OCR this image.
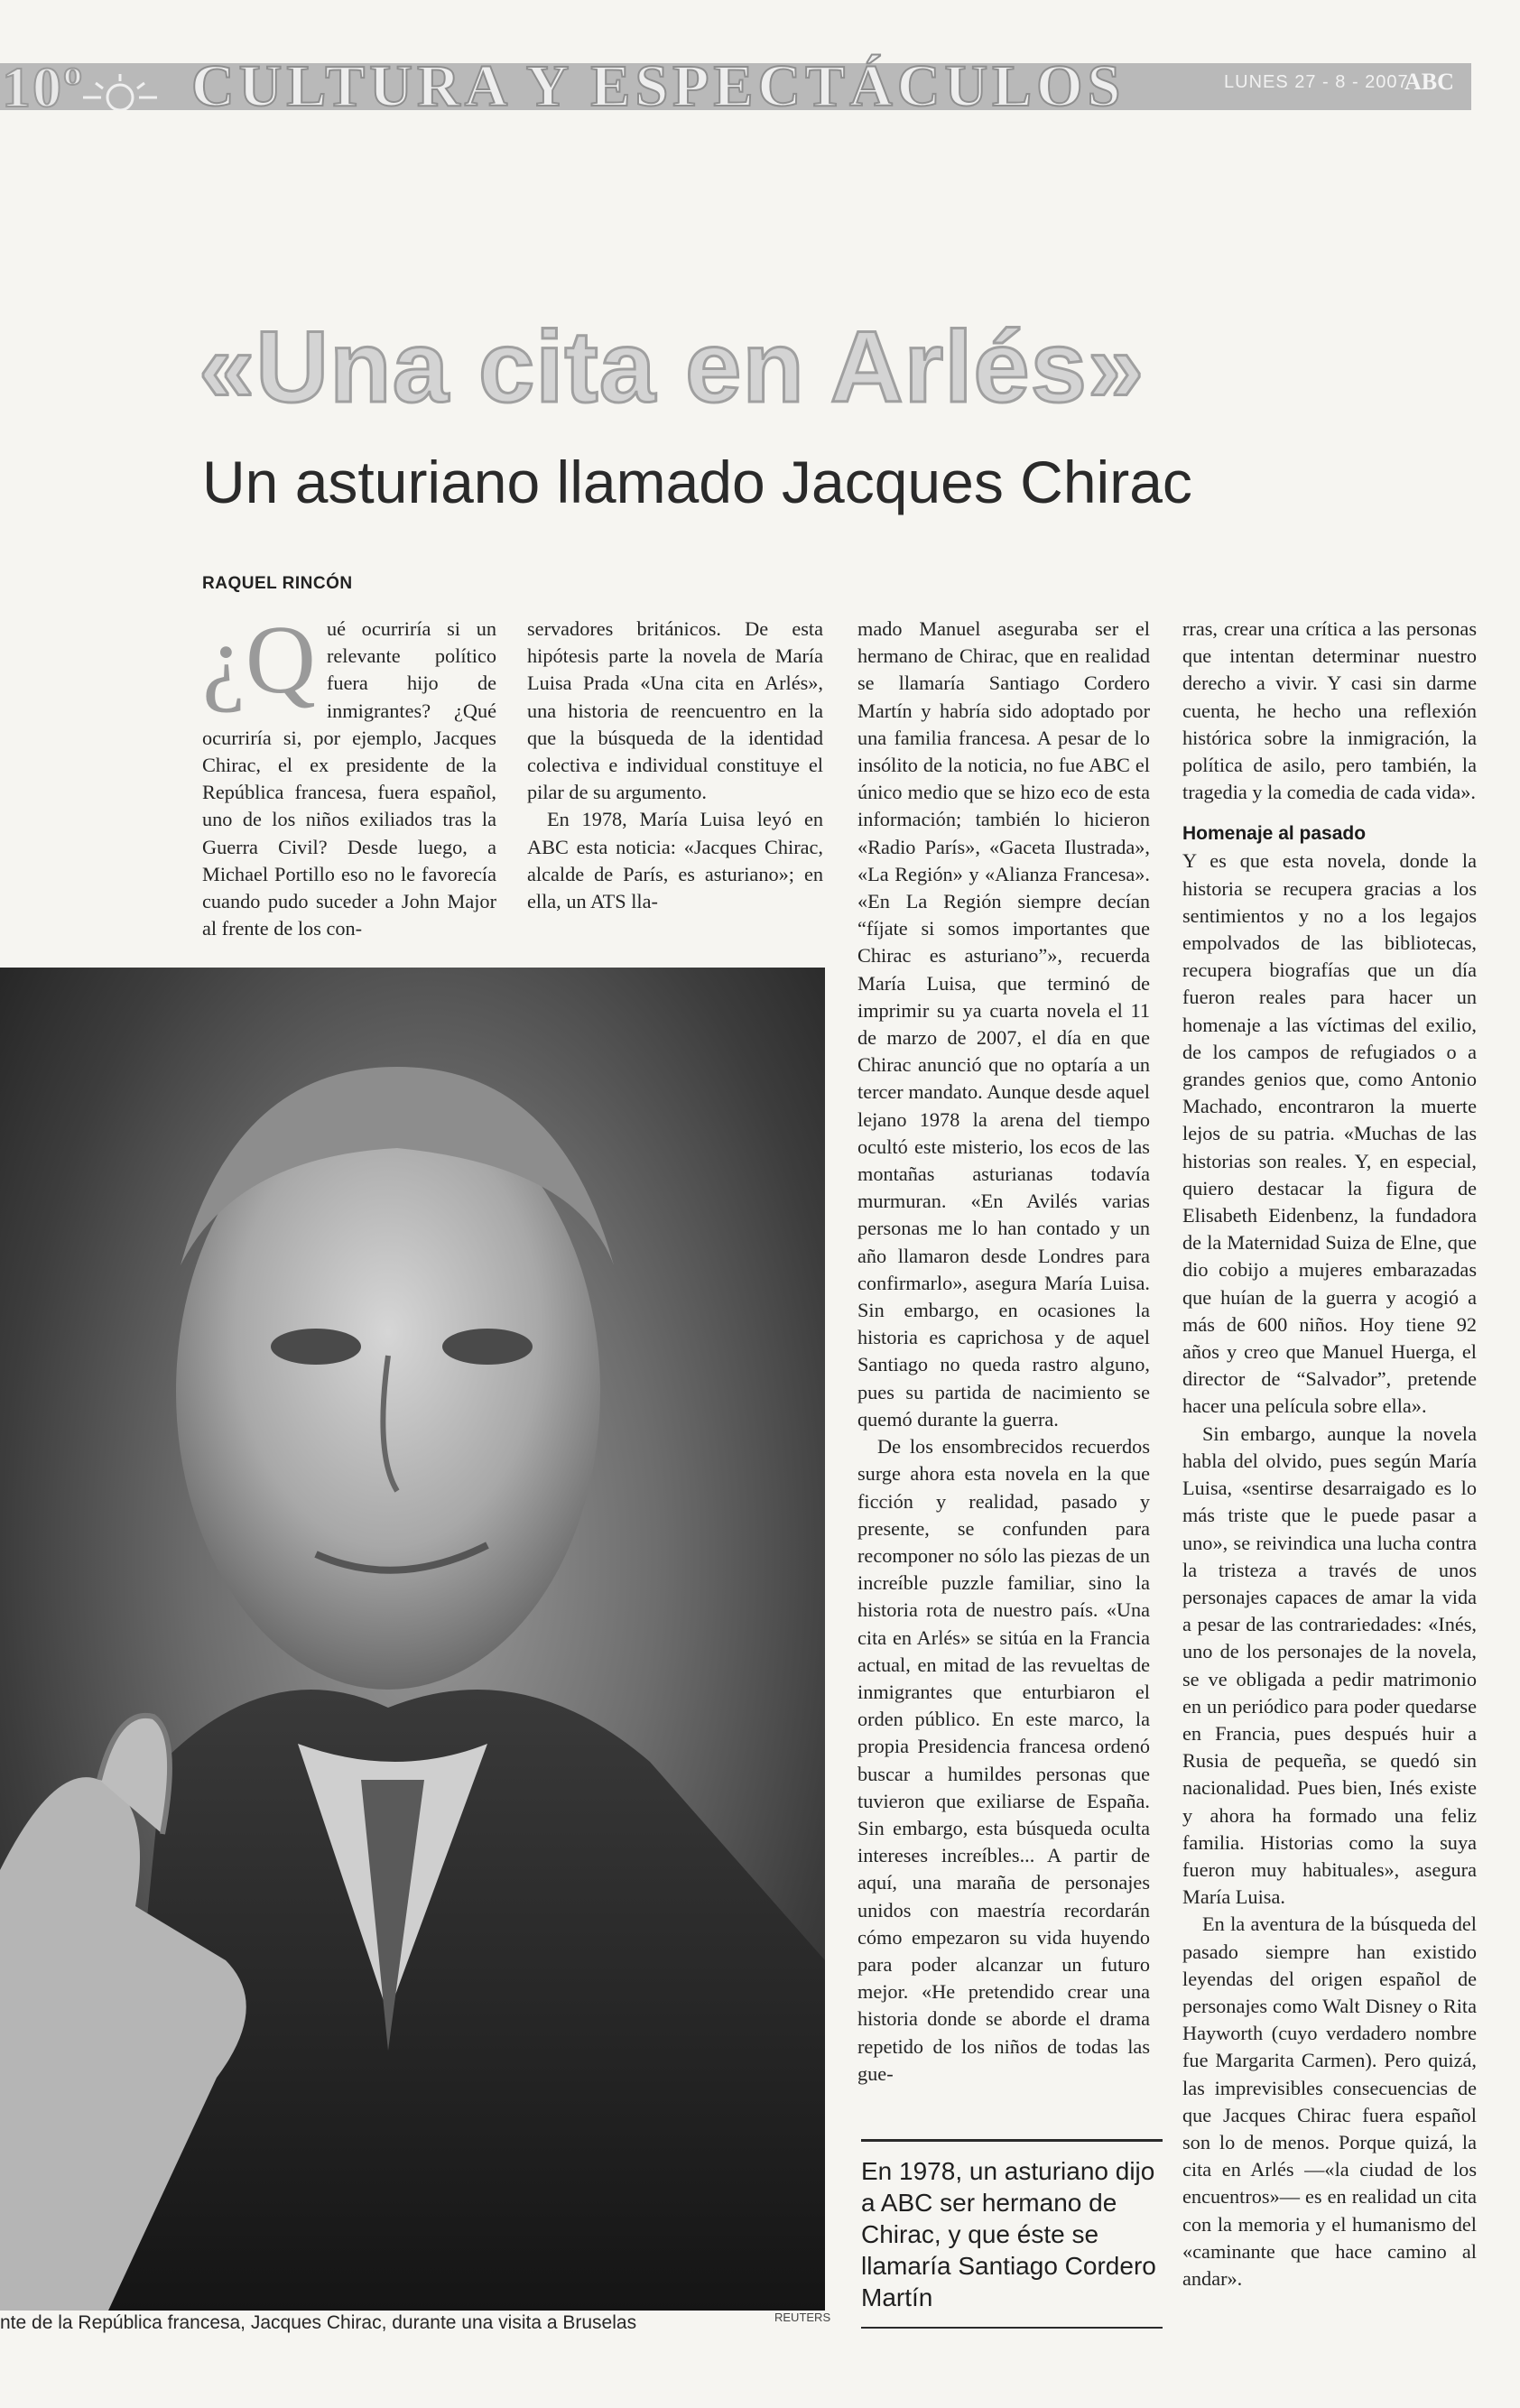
10º CULTURA Y ESPECTÁCULOS	LUNES 27 - 8 - 2007
ABC
«Una cita en Arlés»
Un asturiano llamado Jacques Chirac
RAQUEL RINCÓN
¿Q ué ocurriría si un relevante político fuera hijo de inmigrantes? ¿Qué ocurriría si, por ejemplo, Jacques Chirac, el ex presidente de la República francesa, fuera español, uno de los niños exiliados tras la Guerra Civil? Desde luego, a Michael Portillo eso no le favorecía cuando pudo suceder a John Major al frente de los con-

servadores británicos. De esta hipótesis parte la novela de María Luisa Prada «Una cita en Arlés», una historia de reencuentro en la que la búsqueda de la identidad colectiva e individual constituye el pilar de su argumento.

En 1978, María Luisa leyó en ABC esta noticia: «Jacques Chirac, alcalde de París, es asturiano»; en ella, un ATS lla-

mado Manuel aseguraba ser el hermano de Chirac, que en realidad se llamaría Santiago Cordero Martín y habría sido adoptado por una familia francesa. A pesar de lo insólito de la noticia, no fue ABC el único medio que se hizo eco de esta información; también lo hicieron «Radio París», «Gaceta Ilustrada», «La Región» y «Alianza Francesa». «En La Región siempre decían “fíjate si somos importantes que Chirac es asturiano”», recuerda María Luisa, que terminó de imprimir su ya cuarta novela el 11 de marzo de 2007, el día en que Chirac anunció que no optaría a un tercer mandato. Aunque desde aquel lejano 1978 la arena del tiempo ocultó este misterio, los ecos de las montañas asturianas todavía murmuran. «En Avilés varias personas me lo han contado y un año llamaron desde Londres para confirmarlo», asegura María Luisa. Sin embargo, en ocasiones la historia es caprichosa y de aquel Santiago no queda rastro alguno, pues su partida de nacimiento se quemó durante la guerra.

De los ensombrecidos recuerdos surge ahora esta novela en la que ficción y realidad, pasado y presente, se confunden para recomponer no sólo las piezas de un increíble puzzle familiar, sino la historia rota de nuestro país. «Una cita en Arlés» se sitúa en la Francia actual, en mitad de las revueltas de inmigrantes que enturbiaron el orden público. En este marco, la propia Presidencia francesa ordenó buscar a humildes personas que tuvieron que exiliarse de España. Sin embargo, esta búsqueda oculta intereses increíbles... A partir de aquí, una maraña de personajes unidos con maestría recordarán cómo empezaron su vida huyendo para poder alcanzar un futuro mejor. «He pretendido crear una historia donde se aborde el drama repetido de los niños de todas las gue-

rras, crear una crítica a las personas que intentan determinar nuestro derecho a vivir. Y casi sin darme cuenta, he hecho una reflexión histórica sobre la inmigración, la política de asilo, pero también, la tragedia y la comedia de cada vida».

Homenaje al pasado

Y es que esta novela, donde la historia se recupera gracias a los sentimientos y no a los legajos empolvados de las bibliotecas, recupera biografías que un día fueron reales para hacer un homenaje a las víctimas del exilio, de los campos de refugiados o a grandes genios que, como Antonio Machado, encontraron la muerte lejos de su patria. «Muchas de las historias son reales. Y, en especial, quiero destacar la figura de Elisabeth Eidenbenz, la fundadora de la Maternidad Suiza de Elne, que dio cobijo a mujeres embarazadas que huían de la guerra y acogió a más de 600 niños. Hoy tiene 92 años y creo que Manuel Huerga, el director de “Salvador”, pretende hacer una película sobre ella».

Sin embargo, aunque la novela habla del olvido, pues según María Luisa, «sentirse desarraigado es lo más triste que le puede pasar a uno», se reivindica una lucha contra la tristeza a través de unos personajes capaces de amar la vida a pesar de las contrariedades: «Inés, uno de los personajes de la novela, se ve obligada a pedir matrimonio en un periódico para poder quedarse en Francia, pues después huir a Rusia de pequeña, se quedó sin nacionalidad. Pues bien, Inés existe y ahora ha formado una feliz familia. Historias como la suya fueron muy habituales», asegura María Luisa.

En la aventura de la búsqueda del pasado siempre han existido leyendas del origen español de personajes como Walt Disney o Rita Hayworth (cuyo verdadero nombre fue Margarita Carmen). Pero quizá, las imprevisibles consecuencias de que Jacques Chirac fuera español son lo de menos. Porque quizá, la cita en Arlés —«la ciudad de los encuentros»— es en realidad un cita con la memoria y el humanismo del «caminante que hace camino al andar».

nte de la República francesa, Jacques Chirac, durante una visita a Bruselas	REUTERS
En 1978, un asturiano dijo a ABC ser hermano de Chirac, y que éste se llamaría Santiago Cordero Martín
